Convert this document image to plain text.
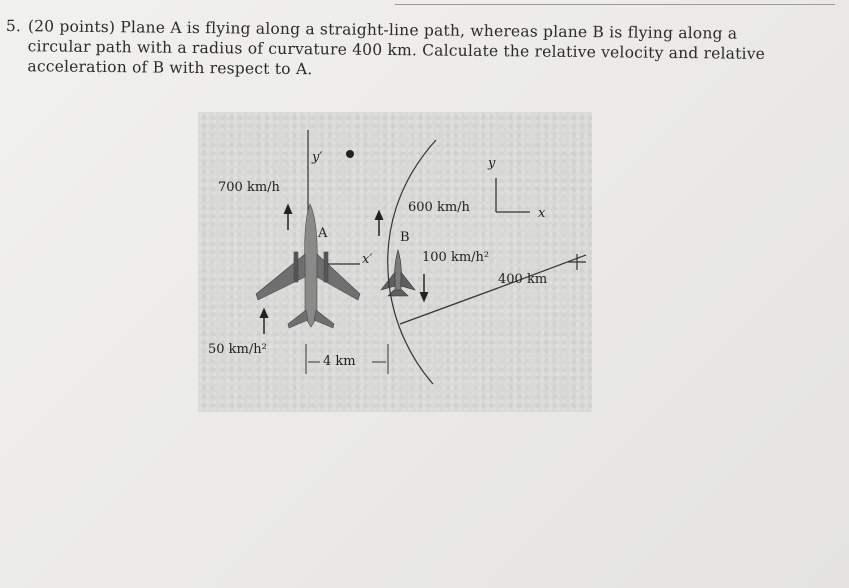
5. (20 points) Plane A is flying along a straight-line path, whereas plane B is flying along a
circular path with a radius of curvature 400 km. Calculate the relative velocity and relative
acceleration of B with respect to A.
700 km/h
50 km/h²
A
x′
y′
4 km
B
600 km/h
100 km/h²
400 km
x
y
